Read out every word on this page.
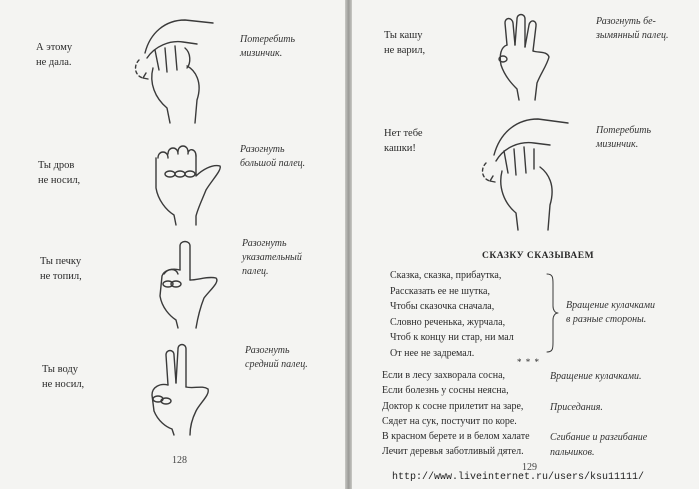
А этому
не дала.
Потеребить
мизинчик.
Ты дров
не носил,
Разогнуть
большой палец.
Ты печку
не топил,
Разогнуть
указательный
палец.
Ты воду
не носил,
Разогнуть
средний палец.
128
Ты кашу
не варил,
Разогнуть бе-
зымянный палец.
Нет тебе
кашки!
Потеребить
мизинчик.
СКАЗКУ СКАЗЫВАЕМ
Сказка, сказка, прибаутка,
Рассказать ее не шутка,
Чтобы сказочка сначала,
Словно реченька, журчала,
Чтоб к концу ни стар, ни мал
От нее не задремал.
Вращение кулачками
в разные стороны.
* * *
Если в лесу захворала сосна,	Вращение кулачками.
Если болезнь у сосны неясна,
Доктор к сосне прилетит на заре,	Приседания.
Сядет на сук, постучит по коре.
В красном берете и в белом халате	Сгибание и разгибание
Лечит деревья заботливый дятел.	пальчиков.
129
http://www.liveinternet.ru/users/ksu11111/
